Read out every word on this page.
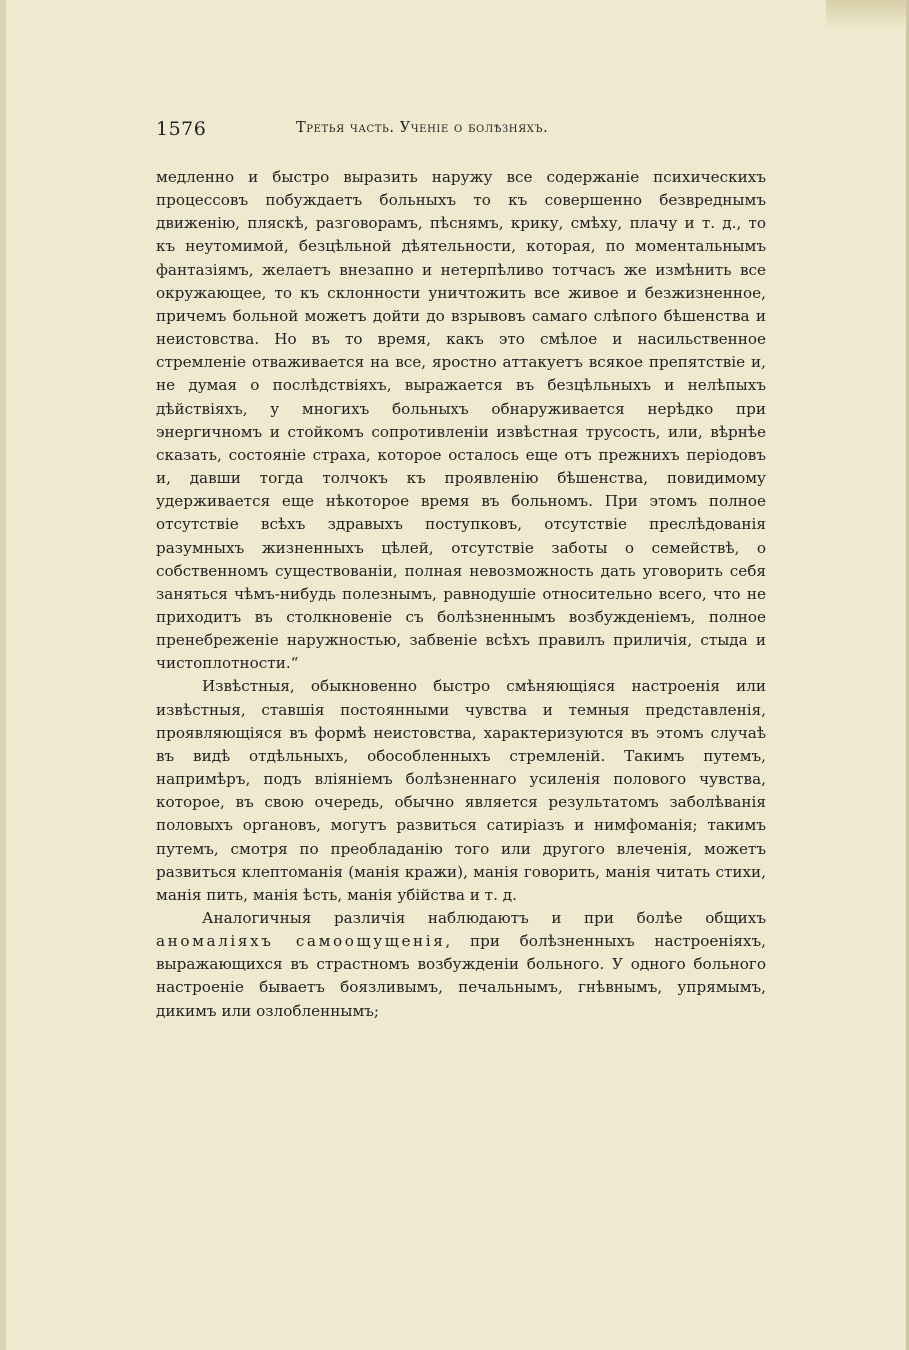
1576	Третья часть. Ученіе о болѣзняхъ.

медленно и быстро выразить наружу все содержаніе психическихъ процессовъ побуждаетъ больныхъ то къ совершенно безвреднымъ движенію, пляскѣ, разговорамъ, пѣснямъ, крику, смѣху, плачу и т. д., то къ неутомимой, безцѣльной дѣятельности, которая, по моментальнымъ фантазіямъ, желаетъ внезапно и нетерпѣливо тотчасъ же измѣнить все окружающее, то къ склонности уничтожить все живое и безжизненное, причемъ больной можетъ дойти до взрывовъ самаго слѣпого бѣшенства и неистовства. Но въ то время, какъ это смѣлое и насильственное стремленіе отваживается на все, яростно аттакуетъ всякое препятствіе и, не думая о послѣдствіяхъ, выражается въ безцѣльныхъ и нелѣпыхъ дѣйствіяхъ, у многихъ больныхъ обнаруживается нерѣдко при энергичномъ и стойкомъ сопротивленіи извѣстная трусость, или, вѣрнѣе сказать, состояніе страха, которое осталось еще отъ прежнихъ періодовъ и, давши тогда толчокъ къ проявленію бѣшенства, повидимому удерживается еще нѣкоторое время въ больномъ. При этомъ полное отсутствіе всѣхъ здравыхъ поступковъ, отсутствіе преслѣдованія разумныхъ жизненныхъ цѣлей, отсутствіе заботы о семействѣ, о собственномъ существованіи, полная невозможность дать уговорить себя заняться чѣмъ-нибудь полезнымъ, равнодушіе относительно всего, что не приходитъ въ столкновеніе съ болѣзненнымъ возбужденіемъ, полное пренебреженіе наружностью, забвеніе всѣхъ правилъ приличія, стыда и чистоплотности.“

Извѣстныя, обыкновенно быстро смѣняющіяся настроенія или извѣстныя, ставшія постоянными чувства и темныя представленія, проявляющіяся въ формѣ неистовства, характеризуются въ этомъ случаѣ въ видѣ отдѣльныхъ, обособленныхъ стремленій. Такимъ путемъ, напримѣръ, подъ вліяніемъ болѣзненнаго усиленія полового чувства, которое, въ свою очередь, обычно является результатомъ заболѣванія половыхъ органовъ, могутъ развиться сатиріазъ и нимфоманія; такимъ путемъ, смотря по преобладанію того или другого влеченія, можетъ развиться клептоманія (манія кражи), манія говорить, манія читать стихи, манія пить, манія ѣсть, манія убійства и т. д.

Аналогичныя различія наблюдаютъ и при болѣе общихъ аномаліяхъ самоощущенія, при болѣзненныхъ настроеніяхъ, выражающихся въ страстномъ возбужденіи больного. У одного больного настроеніе бываетъ боязливымъ, печальнымъ, гнѣвнымъ, упрямымъ, дикимъ или озлобленнымъ;
